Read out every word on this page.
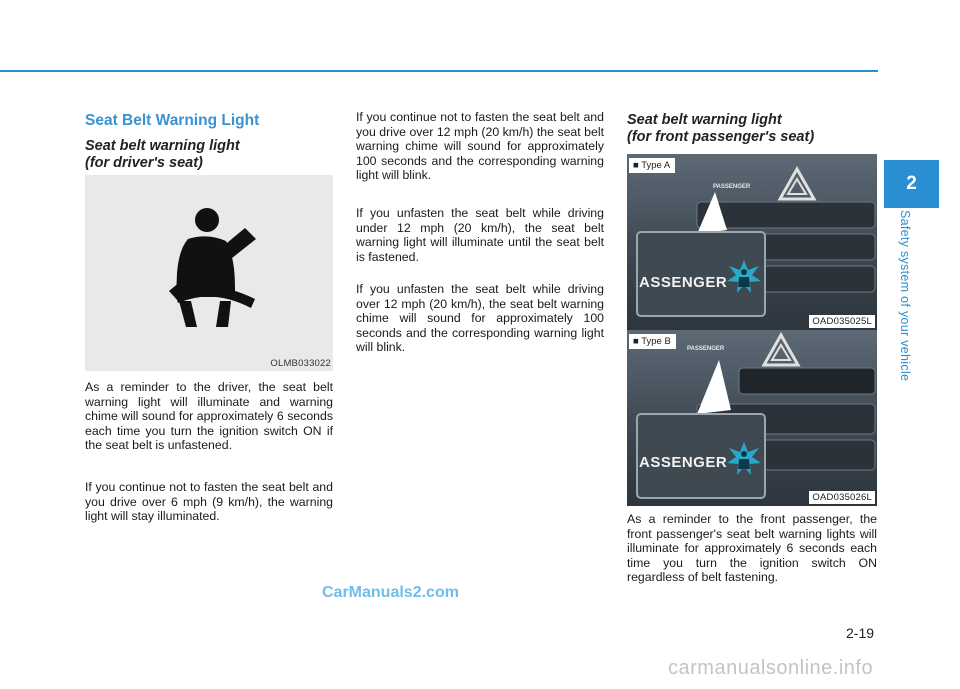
Seat Belt Warning Light
Seat belt warning light
(for driver's seat)
OLMB033022

As a reminder to the driver, the seat belt warning light will illuminate and warning chime will sound for approximately 6 seconds each time you turn the ignition switch ON if the seat belt is unfastened.

If you continue not to fasten the seat belt and you drive over 6 mph (9 km/h), the warning light will stay illuminated.

If you continue not to fasten the seat belt and you drive over 12 mph (20 km/h) the seat belt warning chime will sound for approximately 100 seconds and the corresponding warning light will blink.

If you unfasten the seat belt while driving under 12 mph (20 km/h), the seat belt warning light will illuminate until the seat belt is fastened.

If you unfasten the seat belt while driving over 12 mph (20 km/h), the seat belt warning chime will sound for approximately 100 seconds and the corresponding warning light will blink.

Seat belt warning light
(for front passenger's seat)
PASSENGER
ASSENGER
■ Type A
OAD035025L
PASSENGER
ASSENGER
■ Type B
OAD035026L

As a reminder to the front passenger, the front passenger's seat belt warning lights will illuminate for approximately 6 seconds each time you turn the ignition switch ON regardless of belt fastening.

2
Safety system of your vehicle
2-19
CarManuals2.com
carmanualsonline.info
